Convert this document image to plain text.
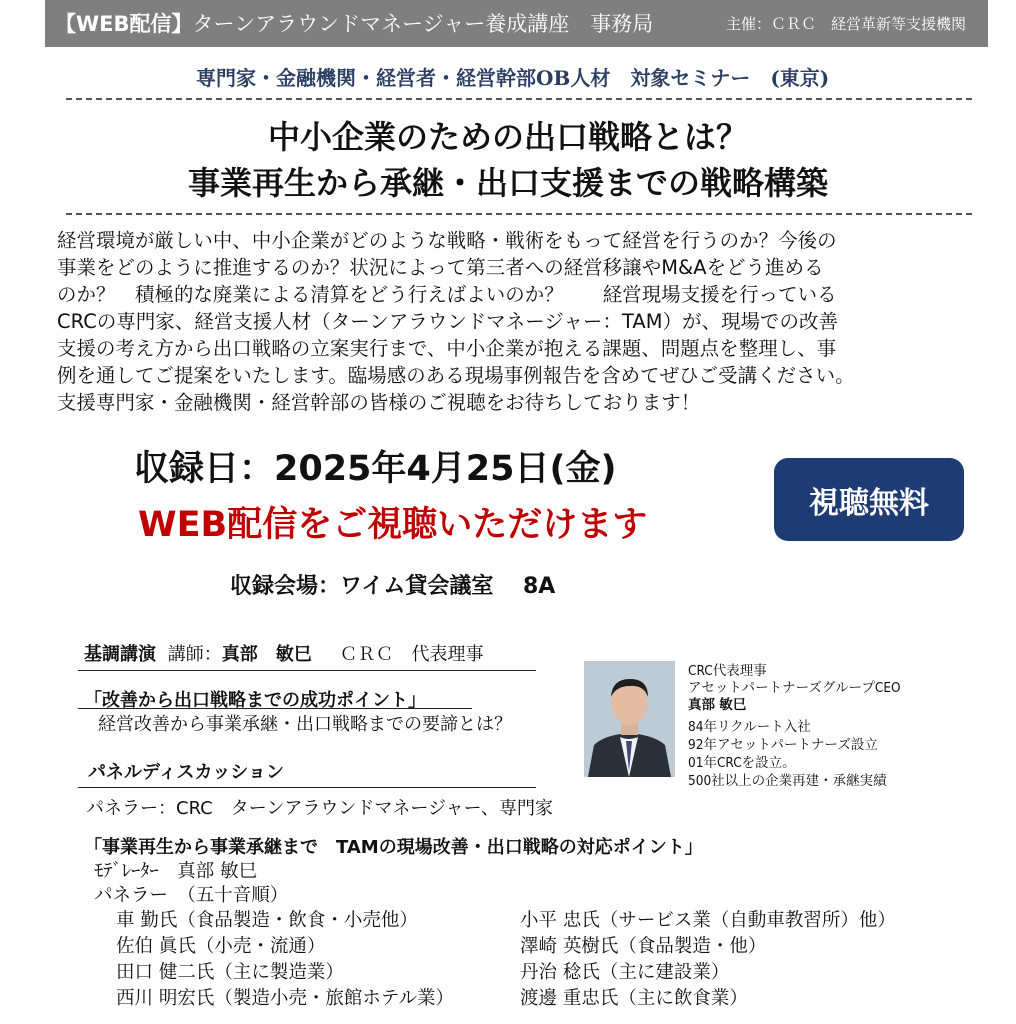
【WEB配信】ターンアラウンドマネージャー養成講座　事務局	主催：ＣＲＣ　経営革新等支援機関
専門家・金融機関・経営者・経営幹部OB人材　対象セミナー　(東京)
中小企業のための出口戦略とは？
事業再生から承継・出口支援までの戦略構築

経営環境が厳しい中、中小企業がどのような戦略・戦術をもって経営を行うのか？今後の

事業をどのように推進するのか？状況によって第三者への経営移譲やM&Aをどう進める

のか？　積極的な廃業による清算をどう行えばよいのか？　　経営現場支援を行っている

CRCの専門家、経営支援人材（ターンアラウンドマネージャー：TAM）が、現場での改善

支援の考え方から出口戦略の立案実行まで、中小企業が抱える課題、問題点を整理し、事

例を通してご提案をいたします。臨場感のある現場事例報告を含めてぜひご受講ください。

支援専門家・金融機関・経営幹部の皆様のご視聴をお待ちしております！

収録日：2025年4月25日(金)
WEB配信をご視聴いただけます
視聴無料
収録会場：ワイム貸会議室　 8A
基調講演 講師：真部　敏巳 ＣＲＣ　代表理事
「改善から出口戦略までの成功ポイント」
経営改善から事業承継・出口戦略までの要諦とは？
CRC代表理事
アセットパートナーズグループCEO
真部 敏巳
84年リクルート入社
92年アセットパートナーズ設立
01年CRCを設立。
500社以上の企業再建・承継実績
パネルディスカッション
パネラー：CRC　ターンアラウンドマネージャー、専門家
「事業再生から事業承継まで　TAMの現場改善・出口戦略の対応ポイント」
ﾓﾃﾞﾚｰﾀｰ　真部 敏巳
パネラー　（五十音順）
車 勤氏（食品製造・飲食・小売他）
佐伯 眞氏（小売・流通）
田口 健二氏（主に製造業）
西川 明宏氏（製造小売・旅館ホテル業）
小平 忠氏（サービス業（自動車教習所）他）
澤崎 英樹氏（食品製造・他）
丹治 稔氏（主に建設業）
渡邊 重忠氏（主に飲食業）
